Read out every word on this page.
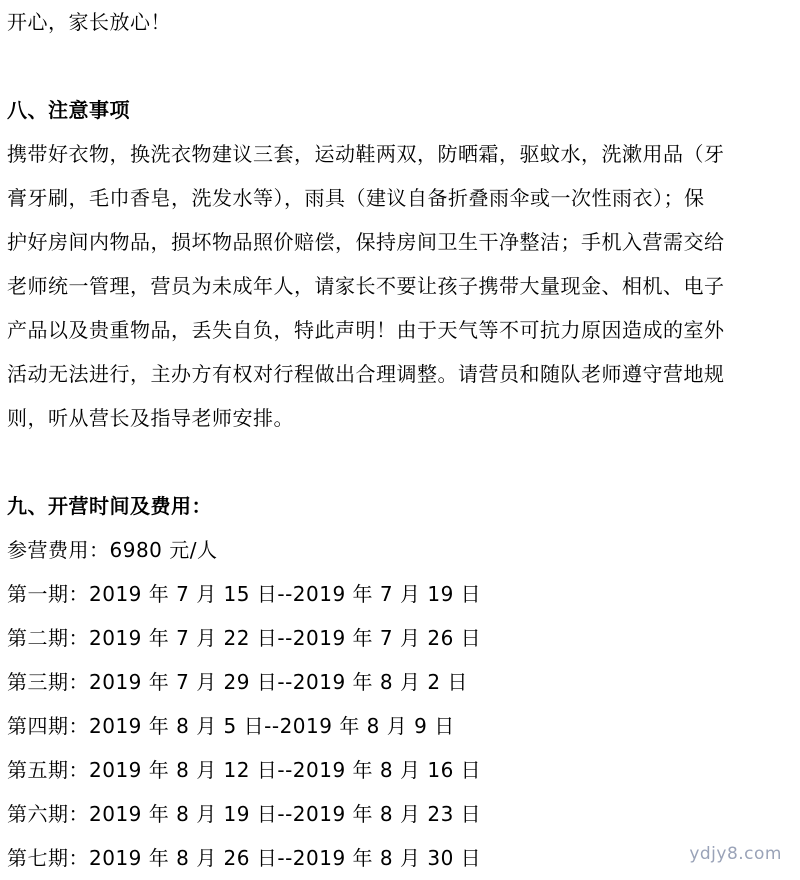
开心，家长放心！
八、注意事项
携带好衣物，换洗衣物建议三套，运动鞋两双，防晒霜，驱蚊水，洗漱用品（牙
膏牙刷，毛巾香皂，洗发水等），雨具（建议自备折叠雨伞或一次性雨衣）；保
护好房间内物品，损坏物品照价赔偿，保持房间卫生干净整洁；手机入营需交给
老师统一管理，营员为未成年人，请家长不要让孩子携带大量现金、相机、电子
产品以及贵重物品，丢失自负，特此声明！由于天气等不可抗力原因造成的室外
活动无法进行，主办方有权对行程做出合理调整。请营员和随队老师遵守营地规
则，听从营长及指导老师安排。
九、开营时间及费用：
参营费用：6980 元/人
第一期：2019 年 7 月 15 日--2019 年 7 月 19 日
第二期：2019 年 7 月 22 日--2019 年 7 月 26 日
第三期：2019 年 7 月 29 日--2019 年 8 月 2 日
第四期：2019 年 8 月 5 日--2019 年 8 月 9 日
第五期：2019 年 8 月 12 日--2019 年 8 月 16 日
第六期：2019 年 8 月 19 日--2019 年 8 月 23 日
第七期：2019 年 8 月 26 日--2019 年 8 月 30 日	ydjy8.com
